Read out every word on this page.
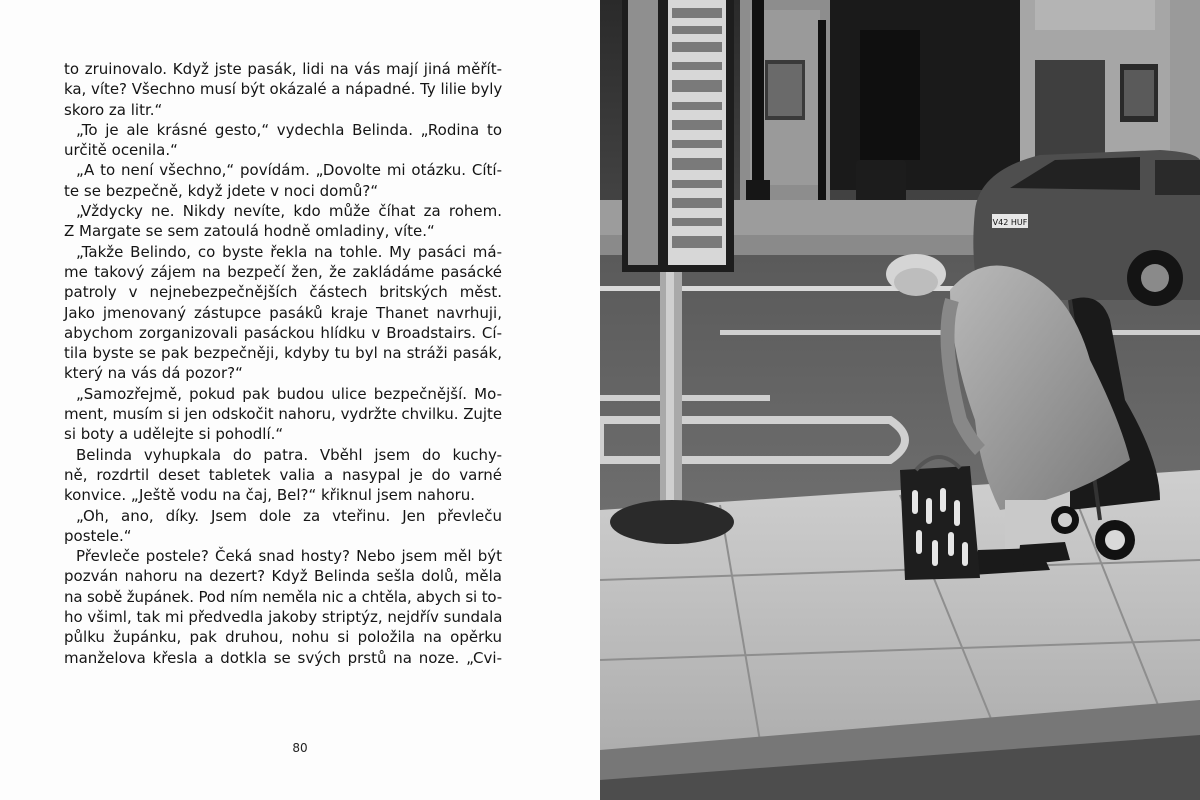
to zruinovalo. Když jste pasák, lidi na vás mají jiná měřít-
ka, víte? Všechno musí být okázalé a nápadné. Ty lilie byly
skoro za litr.“
„To je ale krásné gesto,“ vydechla Belinda. „Rodina to
určitě ocenila.“
„A to není všechno,“ povídám. „Dovolte mi otázku. Cítí-
te se bezpečně, když jdete v noci domů?“
„Vždycky ne. Nikdy nevíte, kdo může číhat za rohem.
Z Margate se sem zatoulá hodně omladiny, víte.“
„Takže Belindo, co byste řekla na tohle. My pasáci má-
me takový zájem na bezpečí žen, že zakládáme pasácké
patroly v nejnebezpečnějších částech britských měst.
Jako jmenovaný zástupce pasáků kraje Thanet navrhuji,
abychom zorganizovali pasáckou hlídku v Broadstairs. Cí-
tila byste se pak bezpečněji, kdyby tu byl na stráži pasák,
který na vás dá pozor?“
„Samozřejmě, pokud pak budou ulice bezpečnější. Mo-
ment, musím si jen odskočit nahoru, vydržte chvilku. Zujte
si boty a udělejte si pohodlí.“
Belinda vyhupkala do patra. Vběhl jsem do kuchy-
ně, rozdrtil deset tabletek valia a nasypal je do varné
konvice. „Ještě vodu na čaj, Bel?“ křiknul jsem nahoru.
„Oh, ano, díky. Jsem dole za vteřinu. Jen převleču
postele.“
Převleče postele? Čeká snad hosty? Nebo jsem měl být
pozván nahoru na dezert? Když Belinda sešla dolů, měla
na sobě župánek. Pod ním neměla nic a chtěla, abych si to-
ho všiml, tak mi předvedla jakoby striptýz, nejdřív sundala
půlku župánku, pak druhou, nohu si položila na opěrku
manželova křesla a dotkla se svých prstů na noze. „Cvi-
80
V42 HUF
